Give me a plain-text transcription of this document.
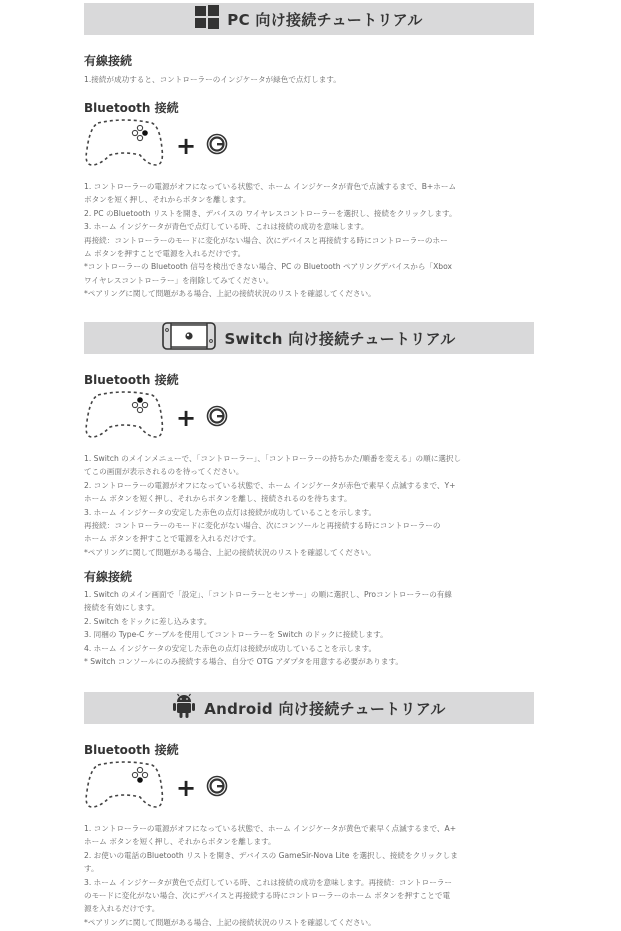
PC 向け接続チュートリアル

有線接続

1.接続が成功すると、コントローラーのインジケータが緑色で点灯します。

Bluetooth 接続

+

1. コントローラーの電源がオフになっている状態で、ホーム インジケータが青色で点滅するまで、B+ホーム

ボタンを短く押し、それからボタンを離します。

2. PC のBluetooth リストを開き、デバイスの ワイヤレスコントローラーを選択し、接続をクリックします。

3. ホーム インジケータが青色で点灯している時、これは接続の成功を意味します。

再接続：コントローラーのモードに変化がない場合、次にデバイスと再接続する時にコントローラーのホー

ム ボタンを押すことで電源を入れるだけです。

*コントローラーの Bluetooth 信号を検出できない場合、PC の Bluetooth ペアリングデバイスから「Xbox

ワイヤレスコントローラー」を削除してみてください。

*ペアリングに関して問題がある場合、上記の接続状況のリストを確認してください。

Switch 向け接続チュートリアル

Bluetooth 接続

+

1. Switch のメインメニューで、「コントローラー」、「コントローラーの持ちかた/順番を変える」の順に選択し

てこの画面が表示されるのを待ってください。

2. コントローラーの電源がオフになっている状態で、ホーム インジケータが赤色で素早く点滅するまで、Y+

ホーム ボタンを短く押し、それからボタンを離し、接続されるのを待ちます。

3. ホーム インジケータの安定した赤色の点灯は接続が成功していることを示します。

再接続：コントローラーのモードに変化がない場合、次にコンソールと再接続する時にコントローラーの

ホーム ボタンを押すことで電源を入れるだけです。

*ペアリングに関して問題がある場合、上記の接続状況のリストを確認してください。

有線接続

1. Switch のメイン画面で「設定」、「コントローラーとセンサー」の順に選択し、Proコントローラーの有線

接続を有効にします。

2. Switch をドックに差し込みます。

3. 同梱の Type-C ケーブルを使用してコントローラーを Switch のドックに接続します。

4. ホーム インジケータの安定した赤色の点灯は接続が成功していることを示します。

* Switch コンソールにのみ接続する場合、自分で OTG アダプタを用意する必要があります。

Android 向け接続チュートリアル

Bluetooth 接続

+

1. コントローラーの電源がオフになっている状態で、ホーム インジケータが黄色で素早く点滅するまで、A+

ホーム ボタンを短く押し、それからボタンを離します。

2. お使いの電話のBluetooth リストを開き、デバイスの GameSir-Nova Lite を選択し、接続をクリックしま

す。

3. ホーム インジケータが黄色で点灯している時、これは接続の成功を意味します。再接続：コントローラー

のモードに変化がない場合、次にデバイスと再接続する時にコントローラーのホーム ボタンを押すことで電

源を入れるだけです。

*ペアリングに関して問題がある場合、上記の接続状況のリストを確認してください。
